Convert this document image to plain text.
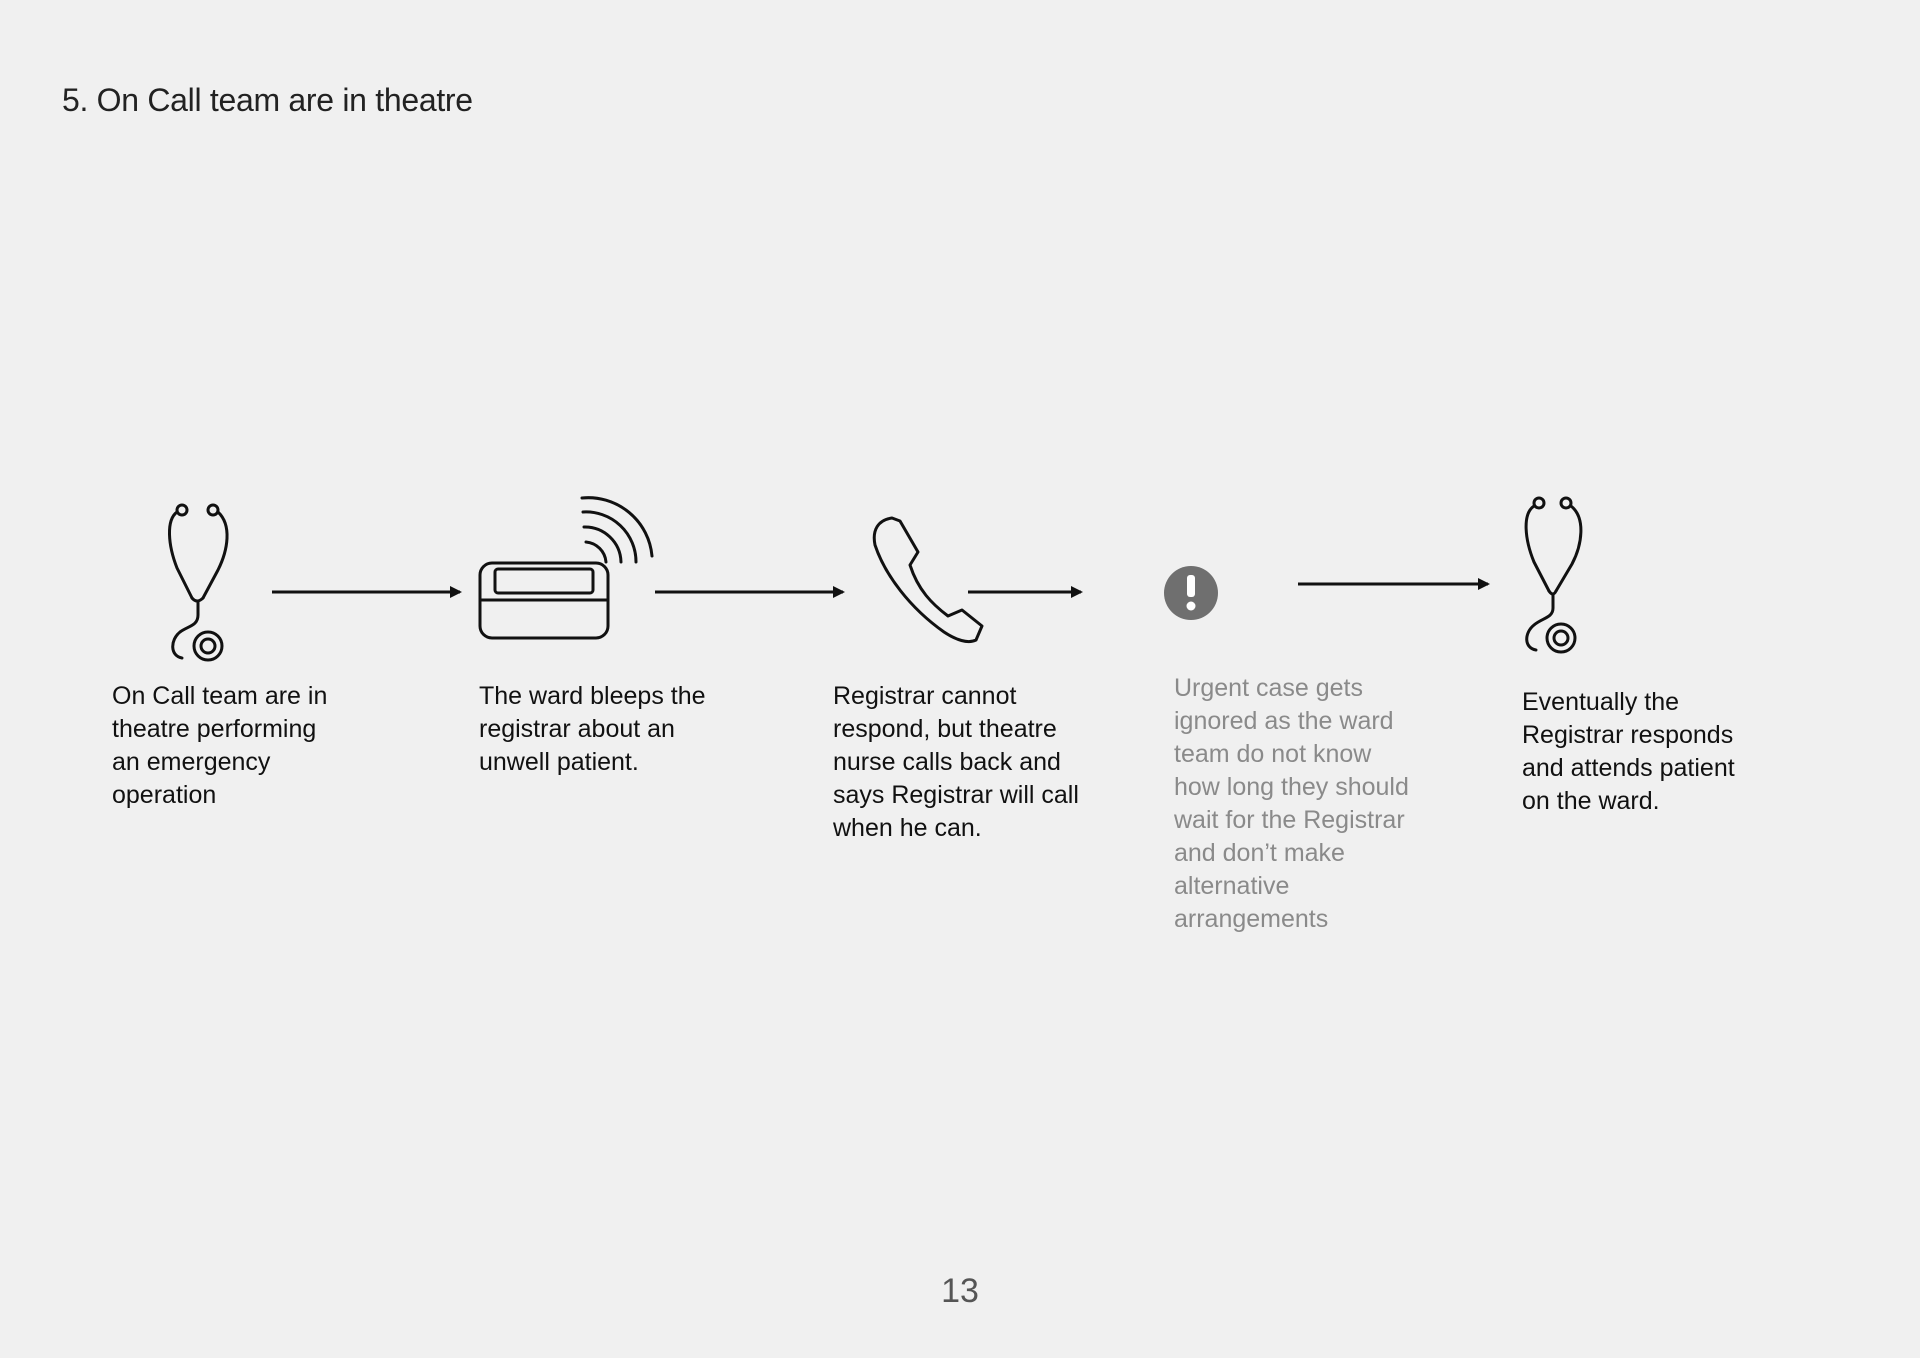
5. On Call team are in theatre
On Call team are in
theatre performing
an emergency
operation
The ward bleeps the
registrar about an
unwell patient.
Registrar cannot
respond, but theatre
nurse calls back and
says Registrar will call
when he can.
Urgent case gets
ignored as the ward
team do not know
how long they should
wait for the Registrar
and don’t make
alternative
arrangements
Eventually the
Registrar responds
and attends patient
on the ward.
13
